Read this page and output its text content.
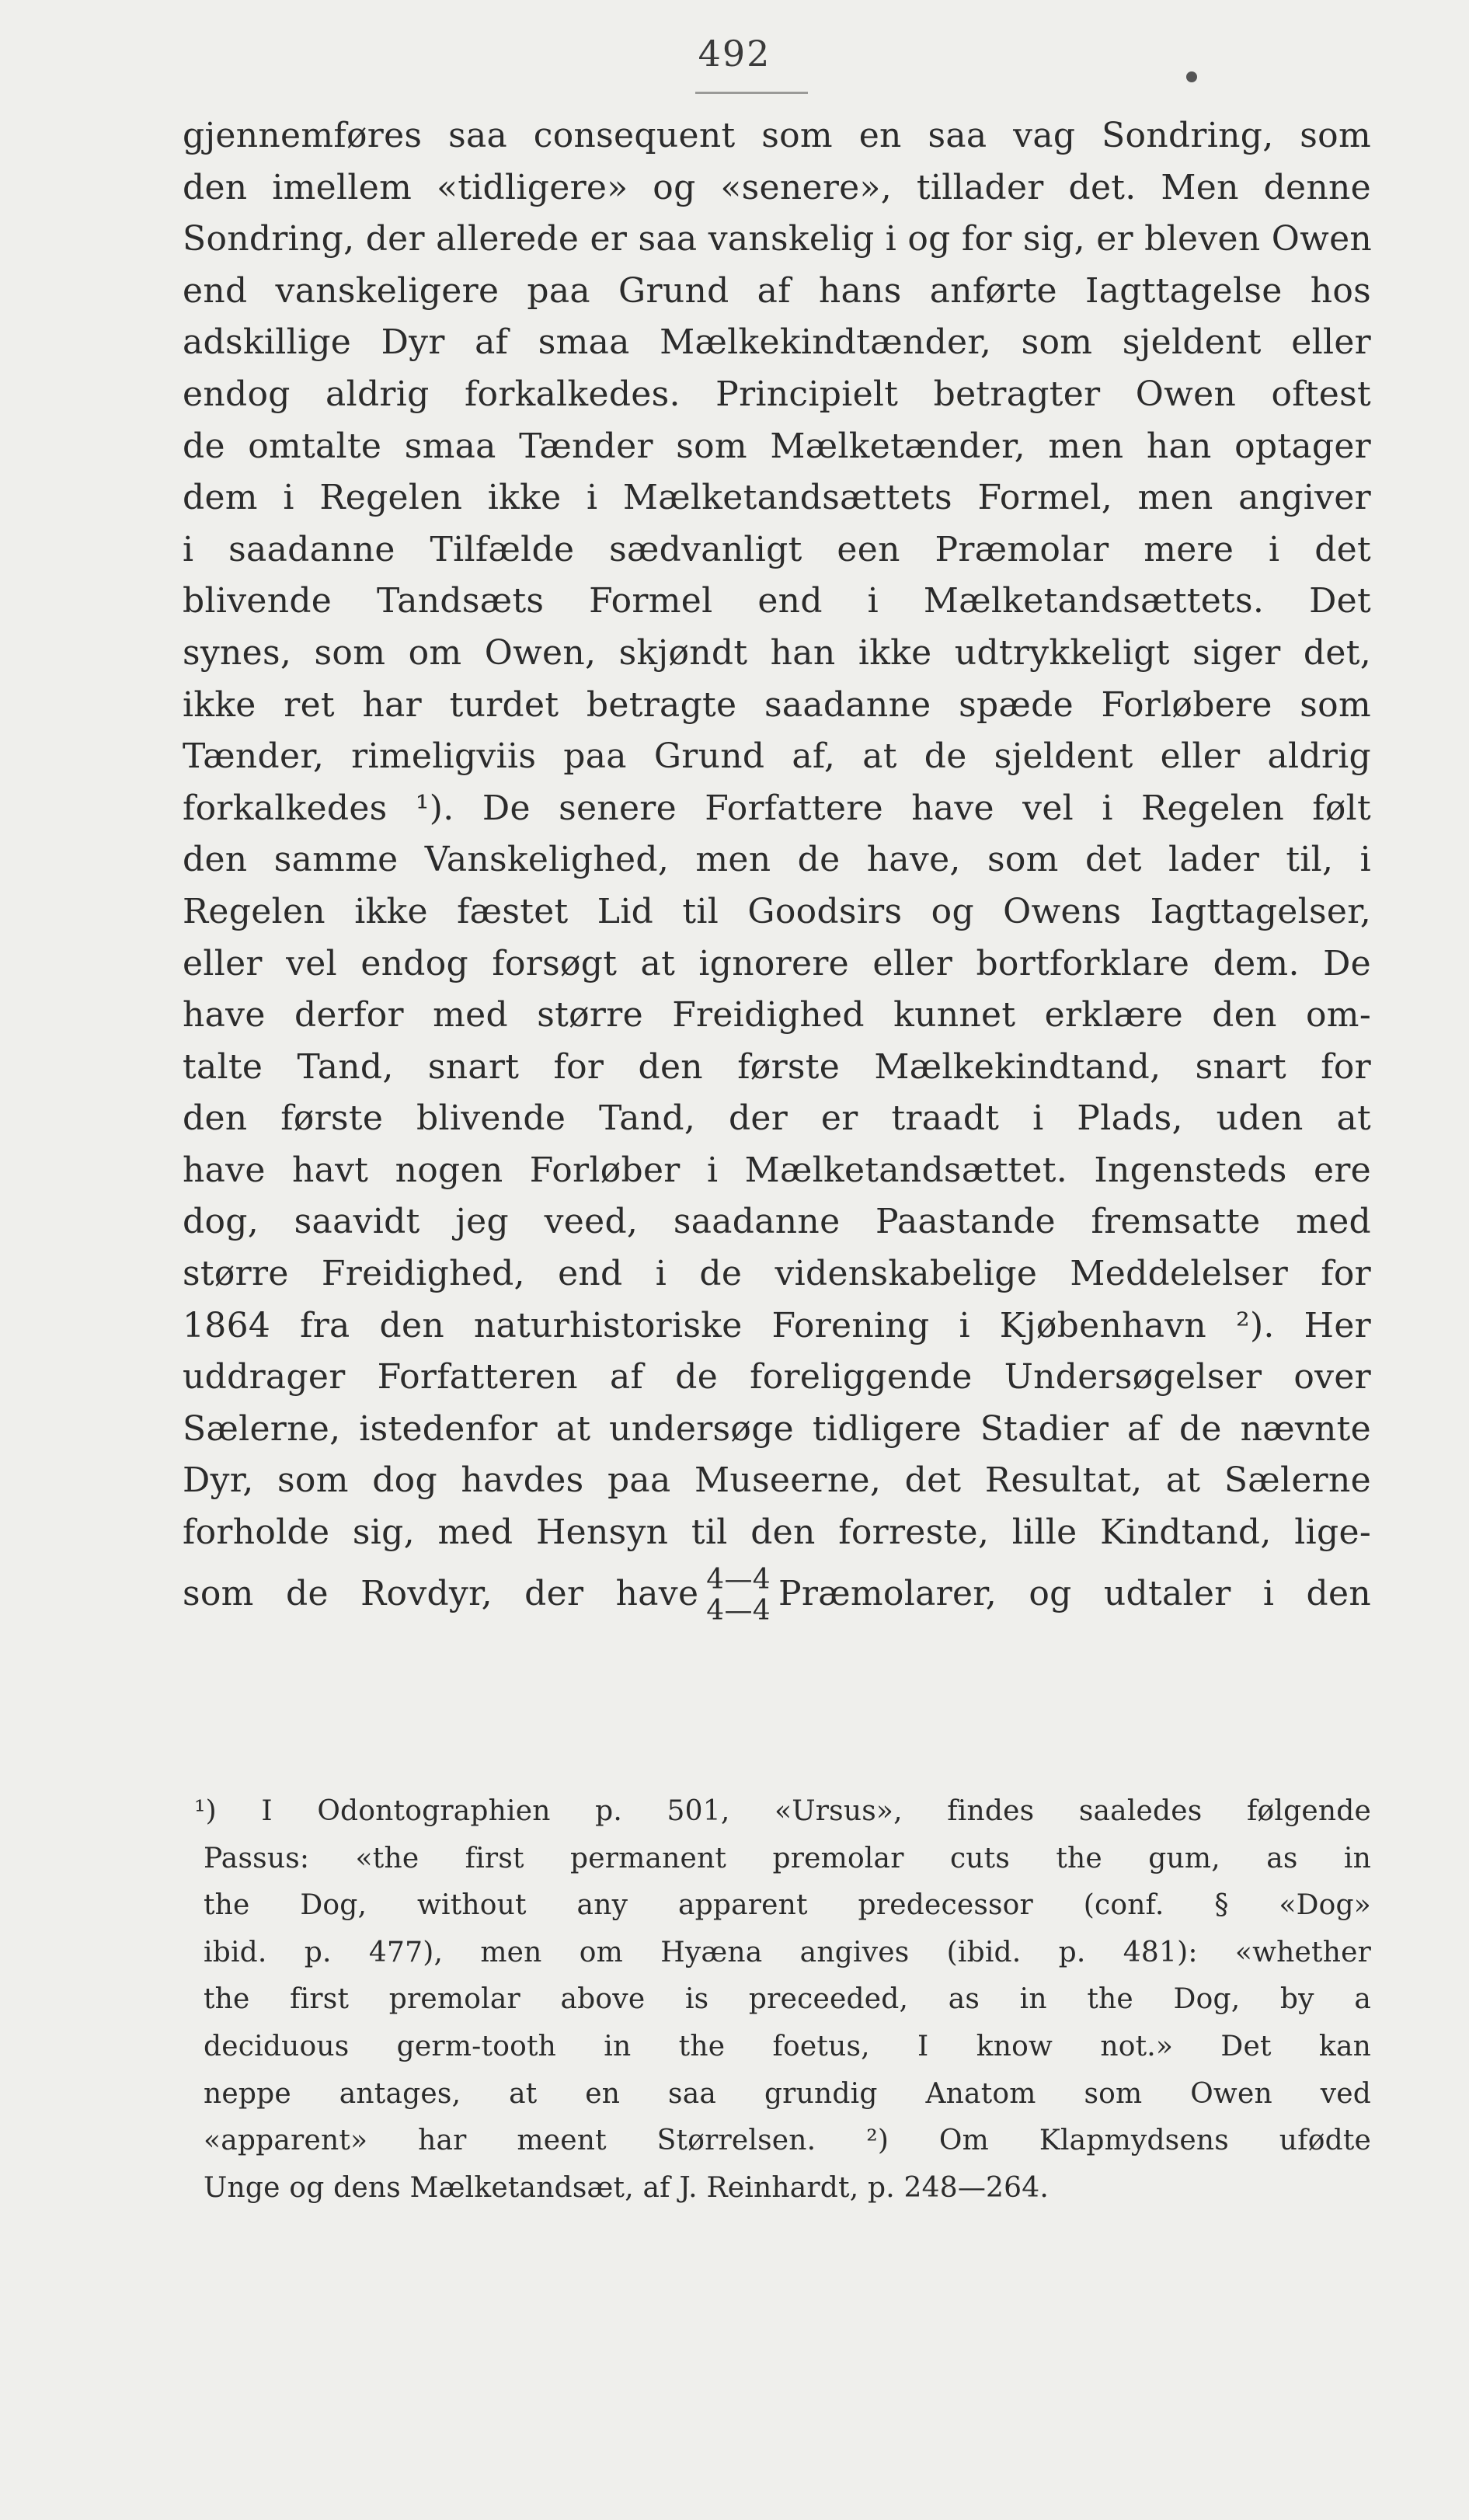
492
gjennemføres saa consequent som en saa vag Sondring, som
den imellem «tidligere» og «senere», tillader det. Men denne
Sondring, der allerede er saa vanskelig i og for sig, er bleven Owen
end vanskeligere paa Grund af hans anførte Iagttagelse hos
adskillige Dyr af smaa Mælkekindtænder, som sjeldent eller
endog aldrig forkalkedes. Principielt betragter Owen oftest
de omtalte smaa Tænder som Mælketænder, men han optager
dem i Regelen ikke i Mælketandsættets Formel, men angiver
i saadanne Tilfælde sædvanligt een Præmolar mere i det
blivende Tandsæts Formel end i Mælketandsættets. Det
synes, som om Owen, skjøndt han ikke udtrykkeligt siger det,
ikke ret har turdet betragte saadanne spæde Forløbere som
Tænder, rimeligviis paa Grund af, at de sjeldent eller aldrig
forkalkedes ¹). De senere Forfattere have vel i Regelen følt
den samme Vanskelighed, men de have, som det lader til, i
Regelen ikke fæstet Lid til Goodsirs og Owens Iagttagelser,
eller vel endog forsøgt at ignorere eller bortforklare dem. De
have derfor med større Freidighed kunnet erklære den om-
talte Tand, snart for den første Mælkekindtand, snart for
den første blivende Tand, der er traadt i Plads, uden at
have havt nogen Forløber i Mælketandsættet. Ingensteds ere
dog, saavidt jeg veed, saadanne Paastande fremsatte med
større Freidighed, end i de videnskabelige Meddelelser for
1864 fra den naturhistoriske Forening i Kjøbenhavn ²). Her
uddrager Forfatteren af de foreliggende Undersøgelser over
Sælerne, istedenfor at undersøge tidligere Stadier af de nævnte
Dyr, som dog havdes paa Museerne, det Resultat, at Sælerne
forholde sig, med Hensyn til den forreste, lille Kindtand, lige-
som de Rovdyr, der have 4—4
4—4 Præmolarer, og udtaler i den
¹) I Odontographien p. 501, «Ursus», findes saaledes følgende
Passus: «the first permanent premolar cuts the gum, as in
the Dog, without any apparent predecessor (conf. § «Dog»
ibid. p. 477), men om Hyæna angives (ibid. p. 481): «whether
the first premolar above is preceeded, as in the Dog, by a
deciduous germ-tooth in the foetus, I know not.» Det kan
neppe antages, at en saa grundig Anatom som Owen ved
«apparent» har meent Størrelsen. ²) Om Klapmydsens ufødte
Unge og dens Mælketandsæt, af J. Reinhardt, p. 248—264.
